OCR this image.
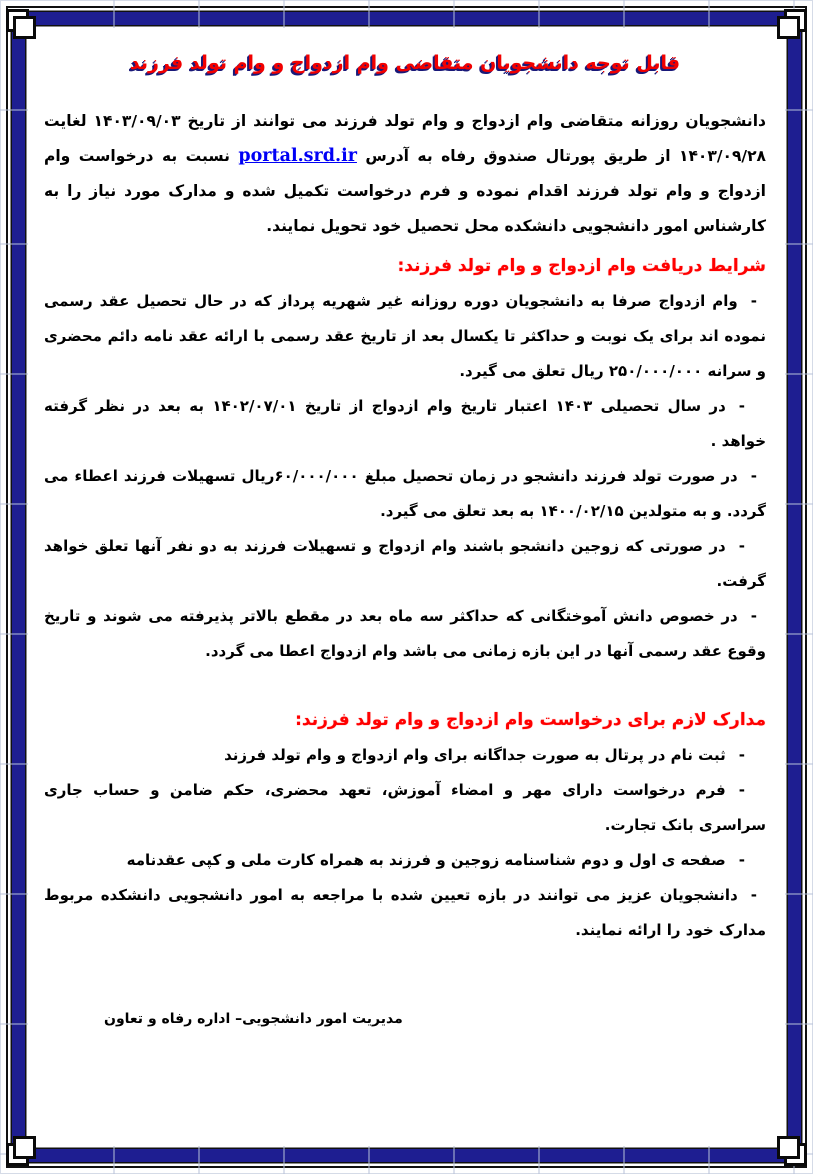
قابل توجه دانشجویان متقاضی وام ازدواج و وام تولد فرزند
دانشجویان روزانه متقاضی وام ازدواج و وام تولد فرزند می توانند از تاریخ ۱۴۰۳/۰۹/۰۳ لغایت ۱۴۰۳/۰۹/۲۸ از طریق پورتال صندوق رفاه به آدرس portal.srd.ir نسبت به درخواست وام ازدواج و وام تولد فرزند اقدام نموده و فرم درخواست تکمیل شده و مدارک مورد نیاز را به کارشناس امور دانشجویی دانشکده محل تحصیل خود تحویل نمایند.
شرایط دریافت وام ازدواج و وام تولد فرزند:
-وام ازدواج صرفا به دانشجویان دوره روزانه غیر شهریه پرداز که در حال تحصیل عقد رسمی نموده اند برای یک نوبت و حداکثر تا یکسال بعد از تاریخ عقد رسمی با ارائه عقد نامه دائم محضری و سرانه ۲۵۰/۰۰۰/۰۰۰ ریال تعلق می گیرد.
-در سال تحصیلی ۱۴۰۳ اعتبار تاریخ وام ازدواج از تاریخ ۱۴۰۲/۰۷/۰۱ به بعد در نظر گرفته خواهد .
-در صورت تولد فرزند دانشجو در زمان تحصیل مبلغ ۶۰/۰۰۰/۰۰۰ریال تسهیلات فرزند اعطاء می گردد. و به متولدین ۱۴۰۰/۰۲/۱۵ به بعد تعلق می گیرد.
-در صورتی که زوجین دانشجو باشند وام ازدواج و تسهیلات فرزند به دو نفر آنها تعلق خواهد گرفت.
-در خصوص دانش آموختگانی که حداکثر سه ماه بعد در مقطع بالاتر پذیرفته می شوند و تاریخ وقوع عقد رسمی آنها در این بازه زمانی می باشد وام ازدواج اعطا می گردد.
مدارک لازم برای درخواست وام ازدواج و وام تولد فرزند:
-ثبت نام در پرتال به صورت جداگانه برای وام ازدواج و وام تولد فرزند
-فرم درخواست دارای مهر و امضاء آموزش، تعهد محضری، حکم ضامن و حساب جاری سراسری بانک تجارت.
-صفحه ی اول و دوم شناسنامه زوجین و فرزند به همراه کارت ملی و کپی عقدنامه
-دانشجویان عزیز می توانند در بازه تعیین شده با مراجعه به امور دانشجویی دانشکده مربوط مدارک خود را ارائه نمایند.
مدیریت امور دانشجویی– اداره رفاه و تعاون
